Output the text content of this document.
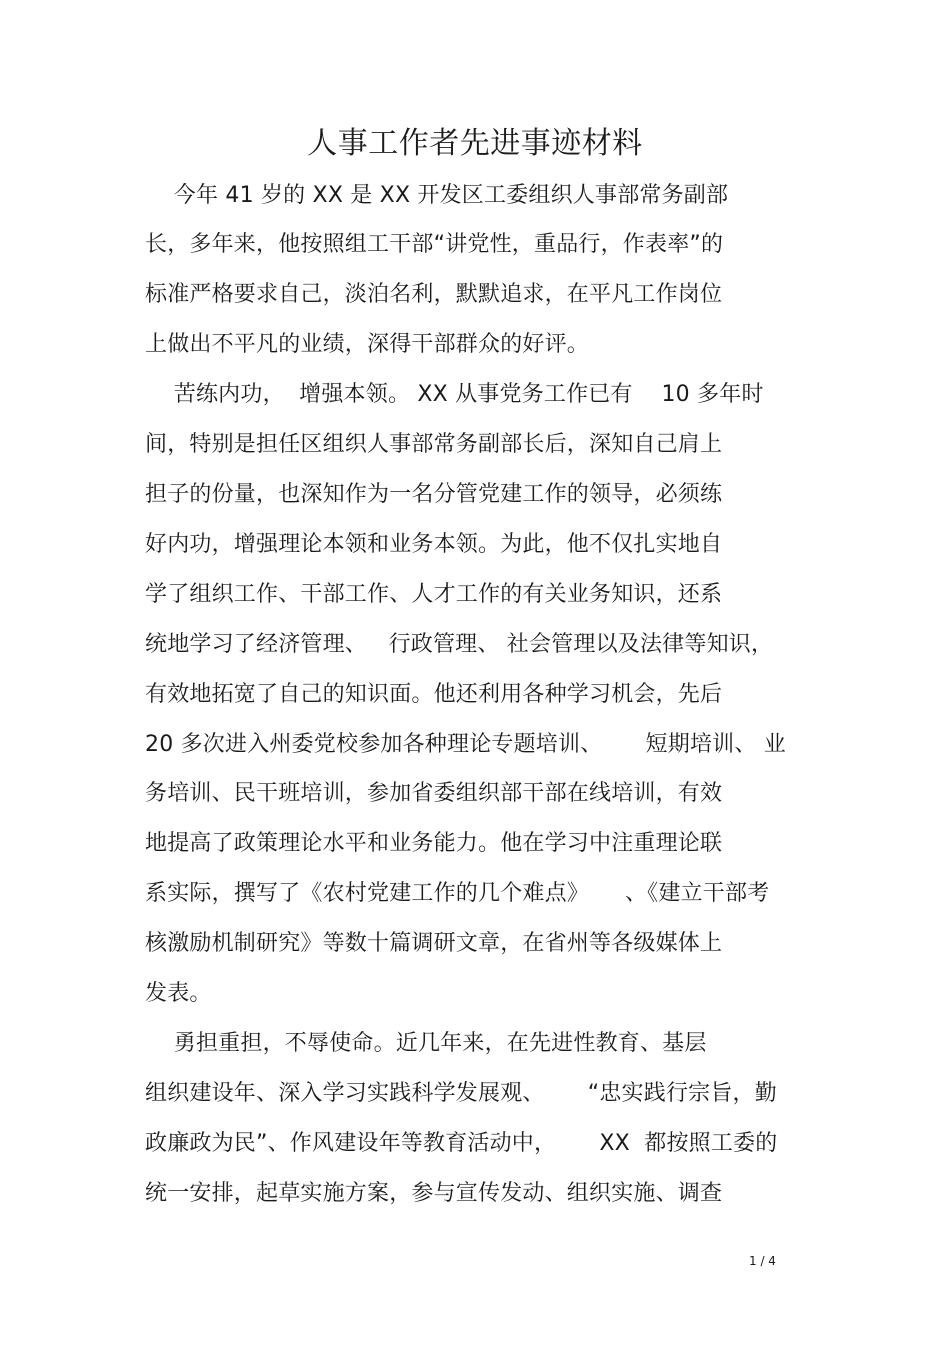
人事工作者先进事迹材料
今年 41 岁的 XX 是 XX 开发区工委组织人事部常务副部
长，多年来，他按照组工干部“讲党性，重品行，作表率”的
标准严格要求自己，淡泊名利，默默追求，在平凡工作岗位
上做出不平凡的业绩，深得干部群众的好评。
苦练内功，  增强本领。 XX 从事党务工作已有    10 多年时
间，特别是担任区组织人事部常务副部长后，深知自己肩上
担子的份量，也深知作为一名分管党建工作的领导，必须练
好内功，增强理论本领和业务本领。为此，他不仅扎实地自
学了组织工作、干部工作、人才工作的有关业务知识，还系
统地学习了经济管理、   行政管理、 社会管理以及法律等知识，
有效地拓宽了自己的知识面。他还利用各种学习机会，先后
20 多次进入州委党校参加各种理论专题培训、      短期培训、 业
务培训、民干班培训，参加省委组织部干部在线培训，有效
地提高了政策理论水平和业务能力。他在学习中注重理论联
系实际，撰写了《农村党建工作的几个难点》     、《建立干部考
核激励机制研究》等数十篇调研文章，在省州等各级媒体上
发表。
勇担重担，不辱使命。近几年来，在先进性教育、基层
组织建设年、深入学习实践科学发展观、      “忠实践行宗旨，勤
政廉政为民”、作风建设年等教育活动中，      XX  都按照工委的
统一安排，起草实施方案，参与宣传发动、组织实施、调查
1 / 4
